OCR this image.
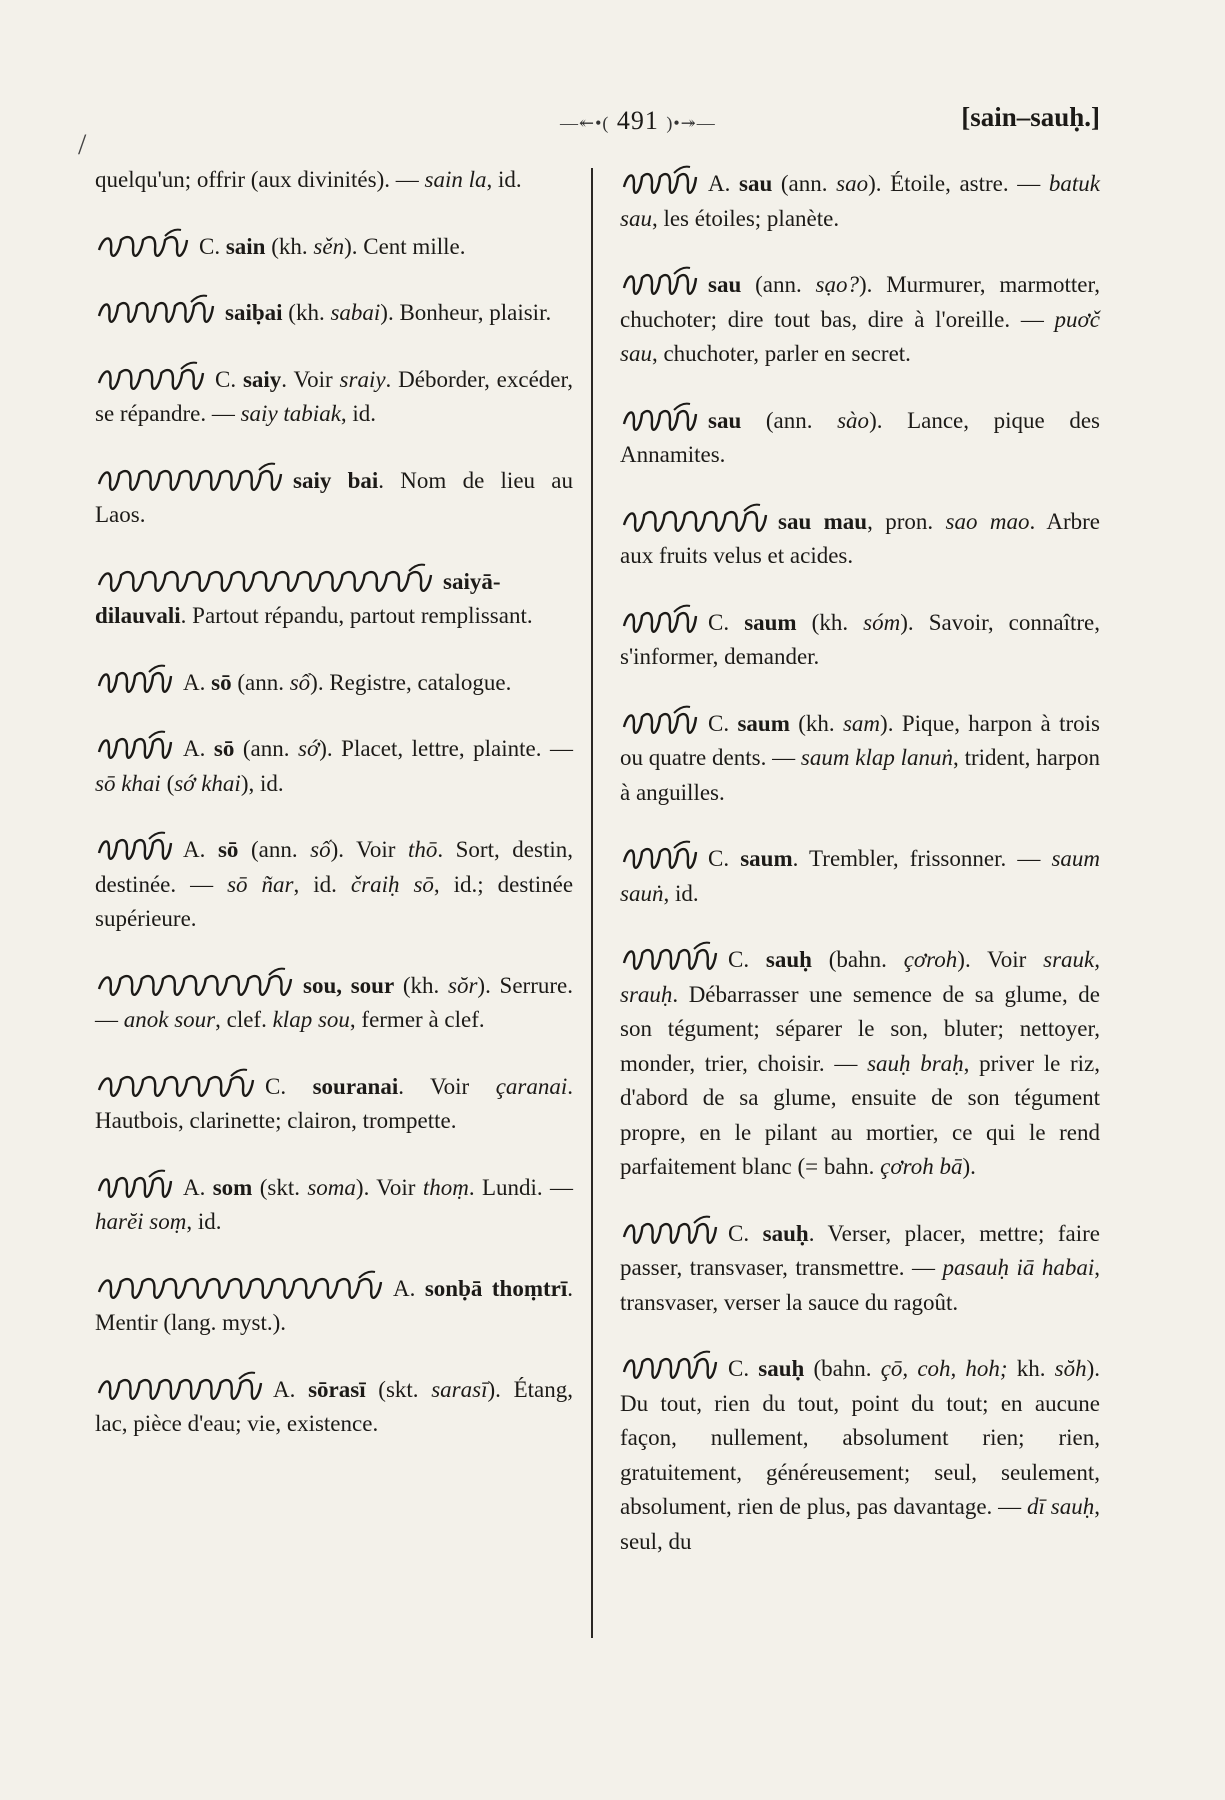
/
—↞•( 491 )•↠—	[sain–sauḥ.]

quelqu'un; offrir (aux divinités). — sain la, id.

C. sain (kh. sěn). Cent mille.

saiḅai (kh. sabai). Bonheur, plaisir.

C. saiy. Voir sraiy. Déborder, excéder, se répandre. — saiy tabiak, id.

saiy bai. Nom de lieu au Laos.

saiyā-dilauvali. Partout répandu, partout remplissant.

A. sō (ann. sổ). Registre, catalogue.

A. sō (ann. sớ). Placet, lettre, plainte. — sō khai (sớ khai), id.

A. sō (ann. số). Voir thō. Sort, destin, destinée. — sō ñar, id. čraiḥ sō, id.; destinée supérieure.

sou, sour (kh. sŏr). Serrure. — anok sour, clef. klap sou, fermer à clef.

C. souranai. Voir çaranai. Hautbois, clarinette; clairon, trompette.

A. som (skt. soma). Voir thoṃ. Lundi. — harĕi soṃ, id.

A. sonḅā thoṃtrī. Mentir (lang. myst.).

A. sōrasī (skt. sarasī). Étang, lac, pièce d'eau; vie, existence.

A. sau (ann. sao). Étoile, astre. — batuk sau, les étoiles; planète.

sau (ann. sạo?). Murmurer, marmotter, chuchoter; dire tout bas, dire à l'oreille. — puơč sau, chuchoter, parler en secret.

sau (ann. sào). Lance, pique des Annamites.

sau mau, pron. sao mao. Arbre aux fruits velus et acides.

C. saum (kh. sóm). Savoir, connaître, s'informer, demander.

C. saum (kh. sam). Pique, harpon à trois ou quatre dents. — saum klap lanuṅ, trident, harpon à anguilles.

C. saum. Trembler, frissonner. — saum sauṅ, id.

C. sauḥ (bahn. çơroh). Voir srauk, srauḥ. Débarrasser une semence de sa glume, de son tégument; séparer le son, bluter; nettoyer, monder, trier, choisir. — sauḥ braḥ, priver le riz, d'abord de sa glume, ensuite de son tégument propre, en le pilant au mortier, ce qui le rend parfaitement blanc (= bahn. çơroh bā).

C. sauḥ. Verser, placer, mettre; faire passer, transvaser, transmettre. — pasauḥ iā habai, transvaser, verser la sauce du ragoût.

C. sauḥ (bahn. çō, coh, hoh; kh. sŏh). Du tout, rien du tout, point du tout; en aucune façon, nullement, absolument rien; rien, gratuitement, généreusement; seul, seulement, absolument, rien de plus, pas davantage. — dī sauḥ, seul, du
